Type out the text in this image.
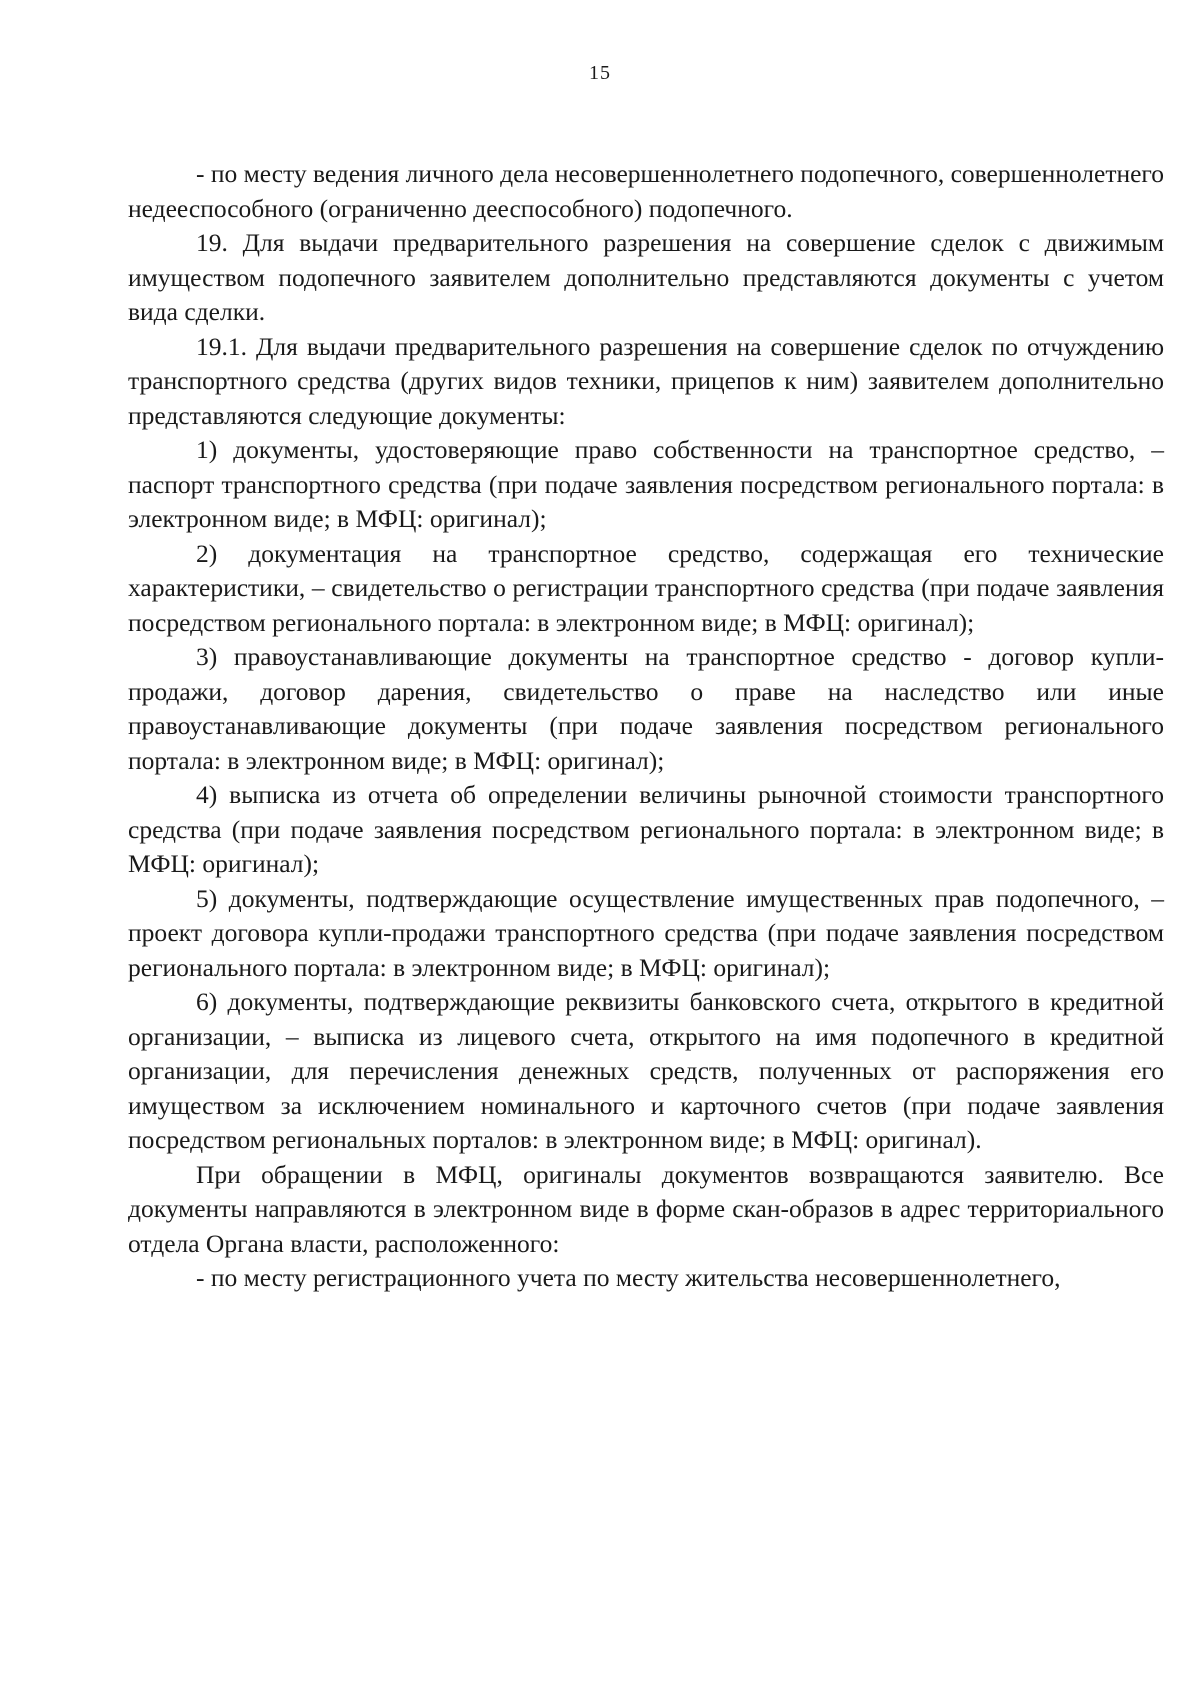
15

- по месту ведения личного дела несовершеннолетнего подопечного, совершеннолетнего недееспособного (ограниченно дееспособного) подопечного.

19. Для выдачи предварительного разрешения на совершение сделок с движимым имуществом подопечного заявителем дополнительно представляются документы с учетом вида сделки.

19.1. Для выдачи предварительного разрешения на совершение сделок по отчуждению транспортного средства (других видов техники, прицепов к ним) заявителем дополнительно представляются следующие документы:

1) документы, удостоверяющие право собственности на транспортное средство, – паспорт транспортного средства (при подаче заявления посредством регионального портала: в электронном виде; в МФЦ: оригинал);

2) документация на транспортное средство, содержащая его технические характеристики, – свидетельство о регистрации транспортного средства (при подаче заявления посредством регионального портала: в электронном виде; в МФЦ: оригинал);

3) правоустанавливающие документы на транспортное средство - договор купли-продажи, договор дарения, свидетельство о праве на наследство или иные правоустанавливающие документы (при подаче заявления посредством регионального портала: в электронном виде; в МФЦ: оригинал);

4) выписка из отчета об определении величины рыночной стоимости транспортного средства (при подаче заявления посредством регионального портала: в электронном виде; в МФЦ: оригинал);

5) документы, подтверждающие осуществление имущественных прав подопечного, – проект договора купли-продажи транспортного средства (при подаче заявления посредством регионального портала: в электронном виде; в МФЦ: оригинал);

6) документы, подтверждающие реквизиты банковского счета, открытого в кредитной организации, – выписка из лицевого счета, открытого на имя подопечного в кредитной организации, для перечисления денежных средств, полученных от распоряжения его имуществом за исключением номинального и карточного счетов (при подаче заявления посредством региональных порталов: в электронном виде; в МФЦ: оригинал).

При обращении в МФЦ, оригиналы документов возвращаются заявителю. Все документы направляются в электронном виде в форме скан-образов в адрес территориального отдела Органа власти, расположенного:

- по месту регистрационного учета по месту жительства несовершеннолетнего,
